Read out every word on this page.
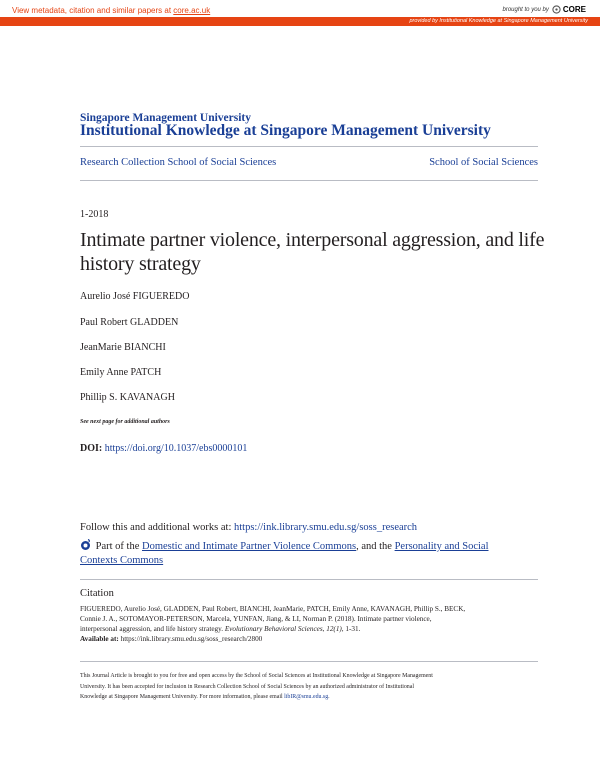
View metadata, citation and similar papers at core.ac.uk	brought to you by CORE
provided by Institutional Knowledge at Singapore Management University
Singapore Management University
Institutional Knowledge at Singapore Management University
Research Collection School of Social Sciences	School of Social Sciences
1-2018
Intimate partner violence, interpersonal aggression, and life history strategy
Aurelio José FIGUEREDO
Paul Robert GLADDEN
JeanMarie BIANCHI
Emily Anne PATCH
Phillip S. KAVANAGH
See next page for additional authors
DOI: https://doi.org/10.1037/ebs0000101
Follow this and additional works at: https://ink.library.smu.edu.sg/soss_research
Part of the Domestic and Intimate Partner Violence Commons, and the Personality and Social
Contexts Commons
Citation
FIGUEREDO, Aurelio José, GLADDEN, Paul Robert, BIANCHI, JeanMarie, PATCH, Emily Anne, KAVANAGH, Phillip S., BECK,
Connie J. A., SOTOMAYOR-PETERSON, Marcela, YUNFAN, Jiang, & LI, Norman P. (2018). Intimate partner violence,
interpersonal aggression, and life history strategy. Evolutionary Behavioral Sciences, 12(1), 1-31.
Available at: https://ink.library.smu.edu.sg/soss_research/2800
This Journal Article is brought to you for free and open access by the School of Social Sciences at Institutional Knowledge at Singapore Management
University. It has been accepted for inclusion in Research Collection School of Social Sciences by an authorized administrator of Institutional
Knowledge at Singapore Management University. For more information, please email libIR@smu.edu.sg.
